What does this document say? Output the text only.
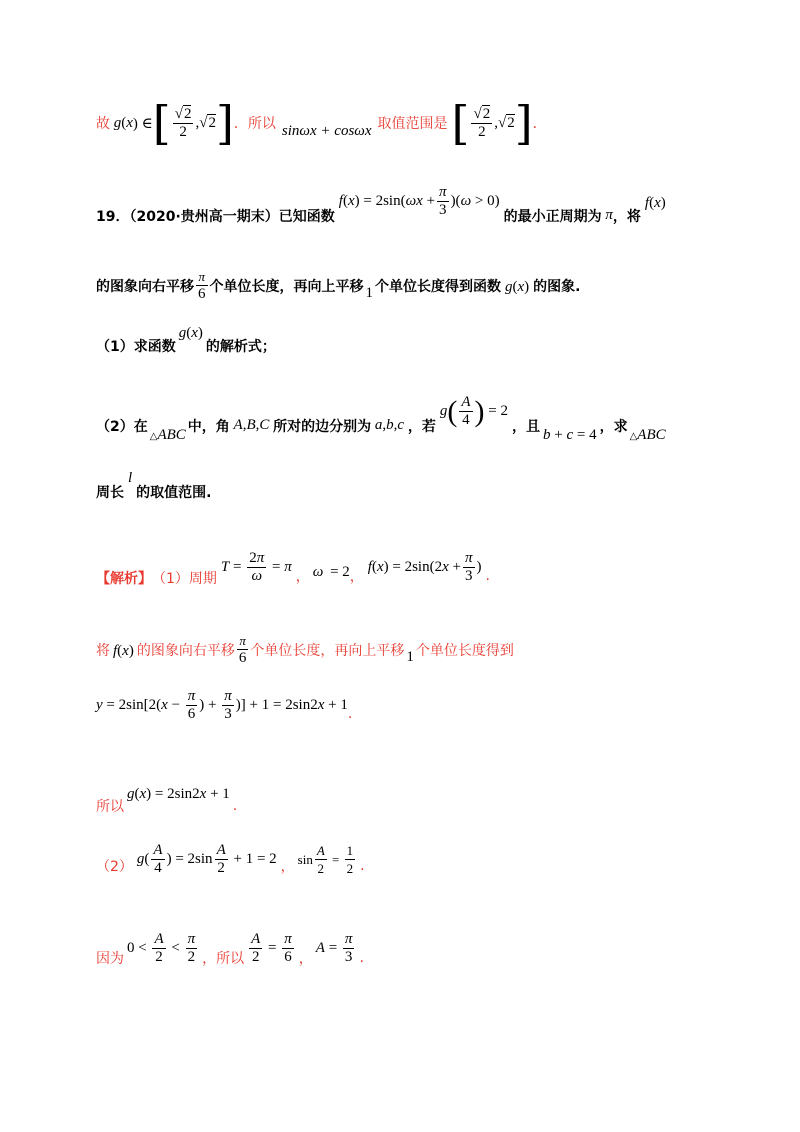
故 g ( x ) ∈ [ $\frac{√2}{2} ,√2$ ] ．所以 sinωx + cosωx 取值范围是 [ $\frac{√2}{2} ,√2$ ] ．
19．（2020·贵州高一期末）已知函数
f ( x ) = 2sin( $\omega x + \frac{\pi}{3}$ )( ω > 0)
的最小正周期为 π ，将
f(x)
的图象向右平移 $\frac{\pi}{6}$ 个单位长度，再向上平移 1 个单位长度得到函数 g(x) 的图象.
（1）求函数
g(x)
的解析式；
（2）在
△ABC 中，角 A , B , C 所对的边分别为 a , b , c ，若
g ( $\frac{A}{4}$ ) = 2
，且 b + c = 4 ，求
△ABC
周长
l
的取值范围.
【解析】 （1）周期
$T = \frac{2\pi}{\omega} = \pi$
， ω = 2 ，
f ( x ) = 2sin(2 $x + \frac{\pi}{3}$ )
.
将 f(x) 的图象向右平移 $\frac{\pi}{6}$ 个单位长度，再向上平移 1 个单位长度得到
y = 2sin[2( $x - \frac{\pi}{6}$ ) + $\frac{\pi}{3}$ )] + 1 = 2sin2 x + 1
.
所以
g(x) = 2sin2x + 1
.
（2） g ( $\frac{A}{4}$ ) = $2\sin \frac{A}{2} + 1 = 2$ ， $\sin \frac{A}{2} = \frac{1}{2}$ .
因为
$0 < \frac{A}{2} < \frac{\pi}{2}$ ，所以 $\frac{A}{2} = \frac{\pi}{6}$ ，
$A = \frac{\pi}{3}$ .
